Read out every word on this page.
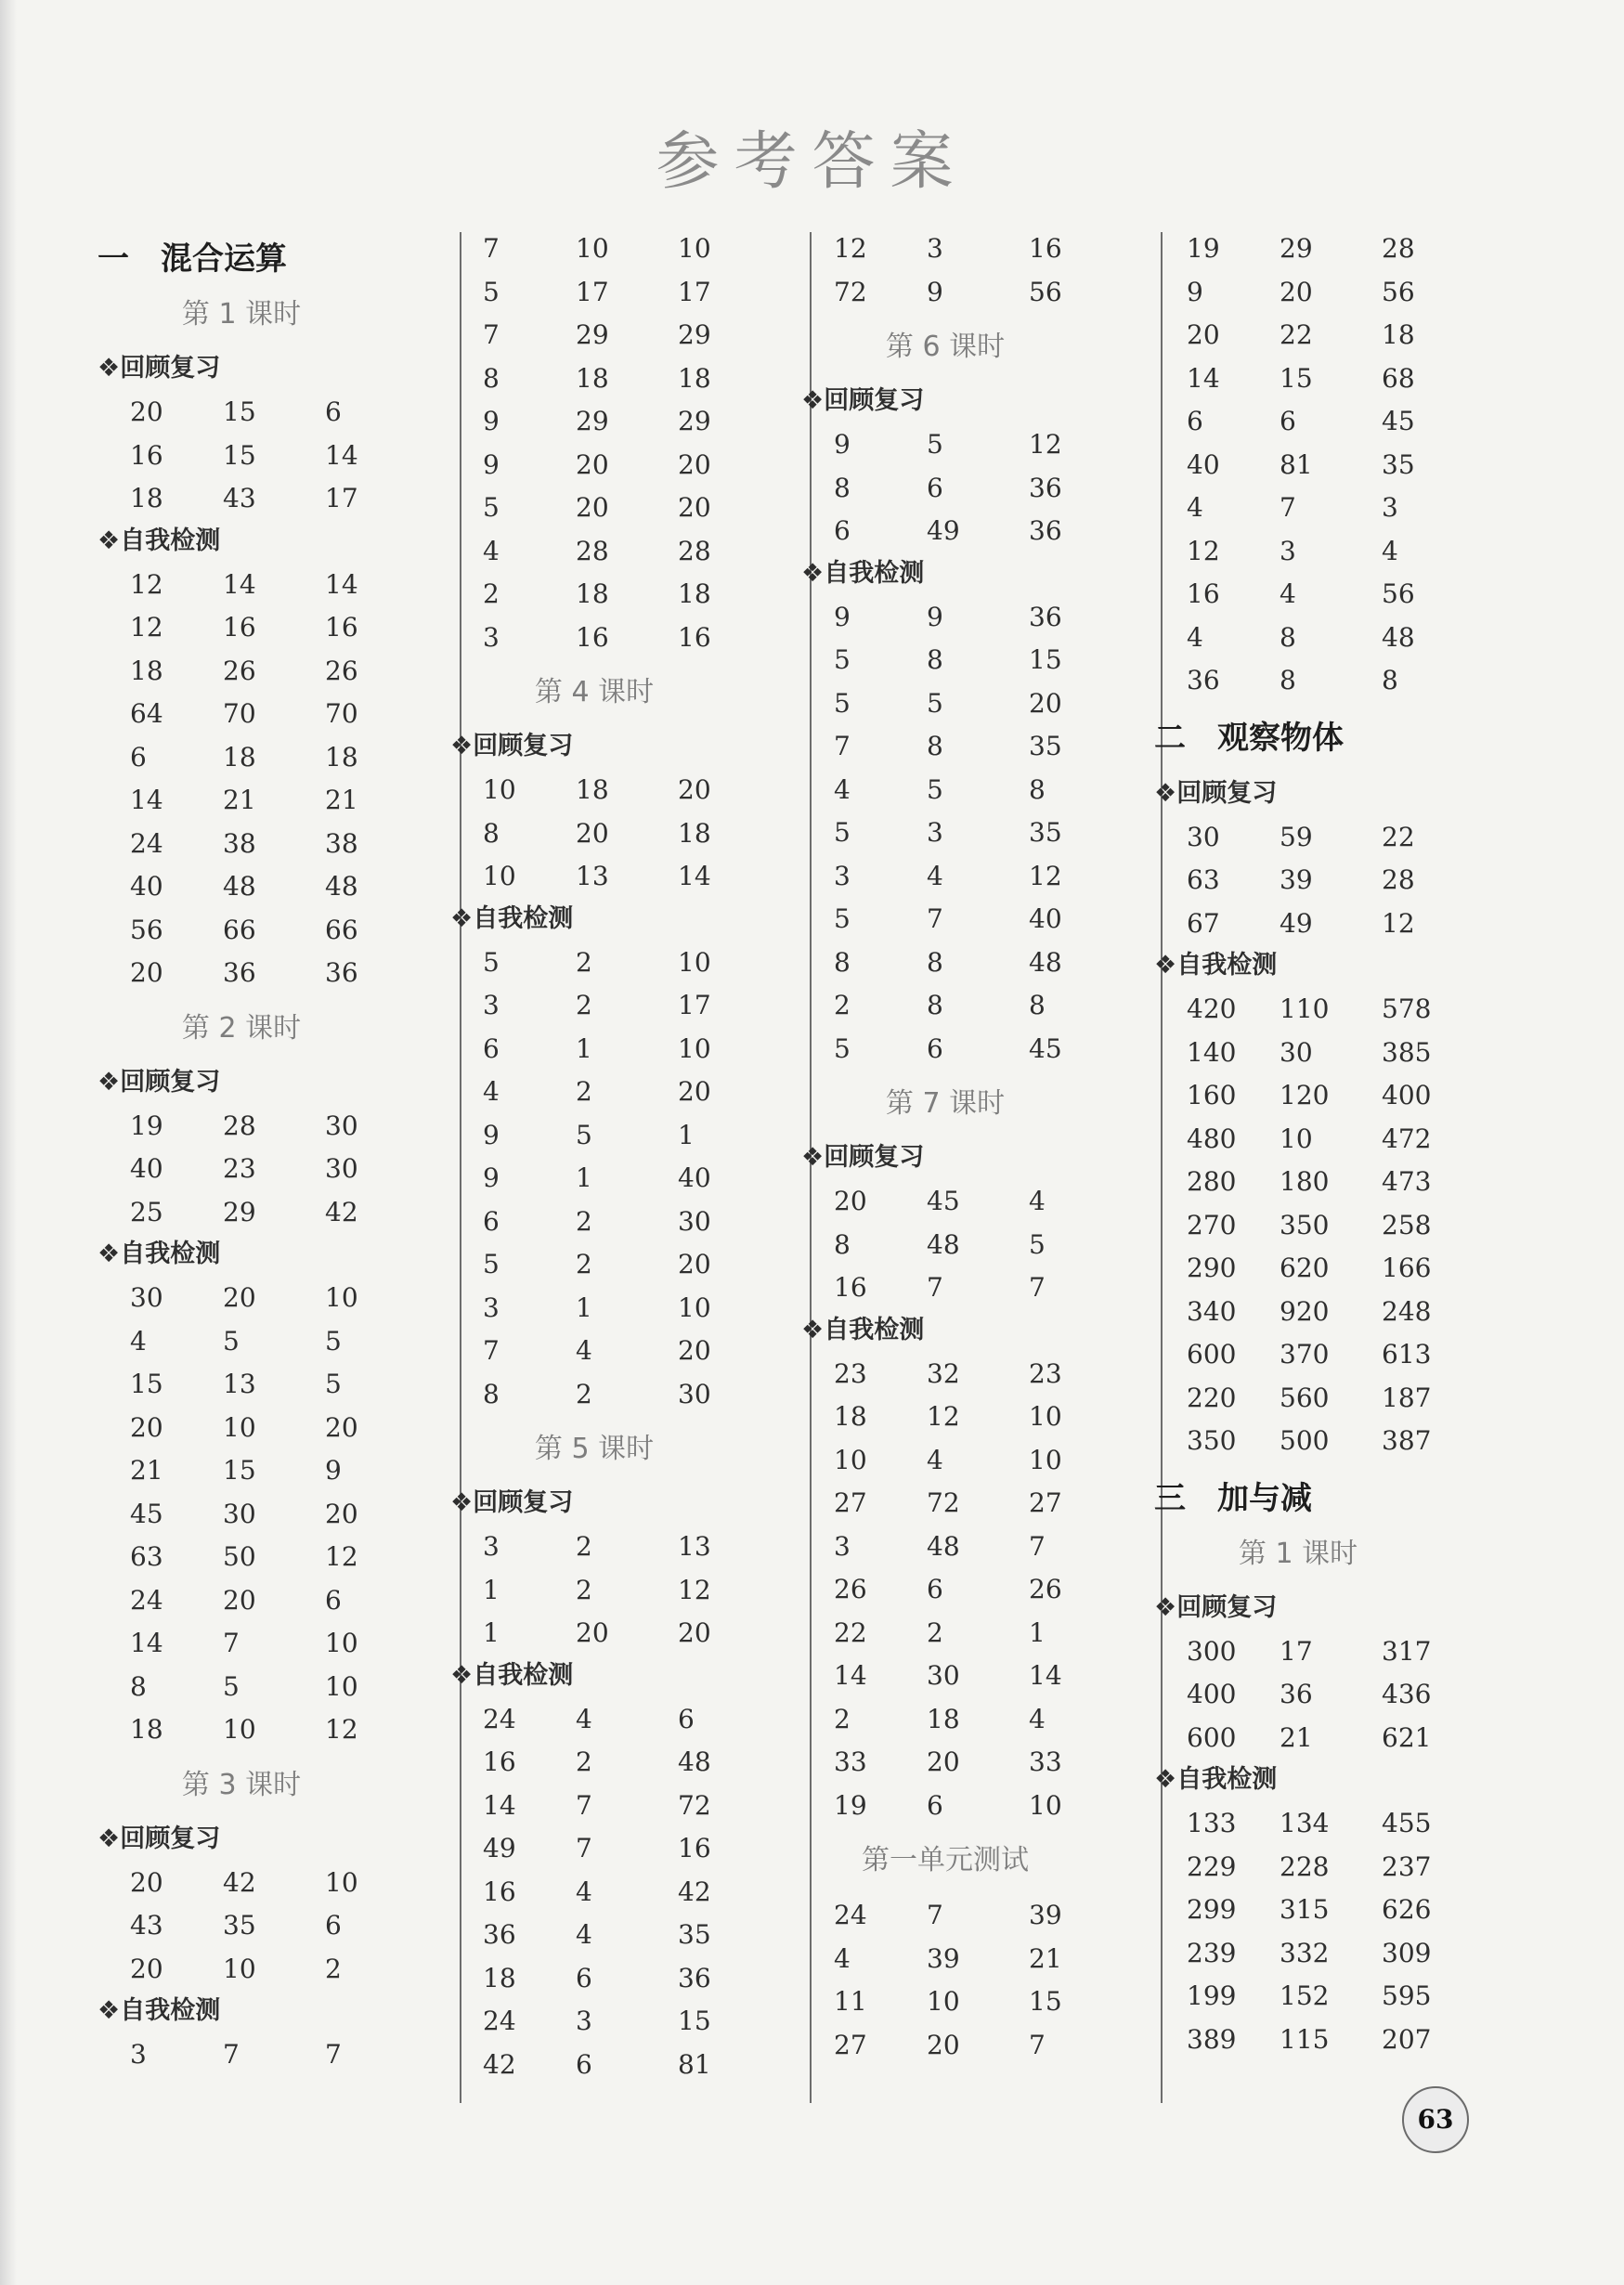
参考答案
一　混合运算
第 1 课时
❖回顾复习
20 15	6
16 15	14
18 43	17
❖自我检测
12 14	14
12 16	16
18 26	26
64 70	70
6	18	18
14 21	21
24 38	38
40 48	48
56 66	66
20 36	36
第 2 课时
❖回顾复习
19 28	30
40 23	30
25 29	42
❖自我检测
30 20	10
4	5	5
15 13	5
20 10	20
21 15	9
45 30	20
63 50	12
24 20	6
14 7	10
8	5	10
18 10	12
第 3 课时
❖回顾复习
20 42	10
43 35	6
20 10	2
❖自我检测
3	7	7
7	10	10
5	17	17
7	29	29
8	18	18
9	29	29
9	20	20
5	20	20
4	28	28
2	18	18
3	16	16
第 4 课时
❖回顾复习
10 18	20
8	20	18
10 13	14
❖自我检测
5	2	10
3	2	17
6	1	10
4	2	20
9	5	1
9	1	40
6	2	30
5	2	20
3	1	10
7	4	20
8	2	30
第 5 课时
❖回顾复习
3	2	13
1	2	12
1	20	20
❖自我检测
24 4	6
16 2	48
14 7	72
49 7	16
16 4	42
36 4	35
18 6	36
24 3	15
42 6	81
12 3	16
72 9	56
第 6 课时
❖回顾复习
9	5	12
8	6	36
6	49	36
❖自我检测
9	9	36
5	8	15
5	5	20
7	8	35
4	5	8
5	3	35
3	4	12
5	7	40
8	8	48
2	8	8
5	6	45
第 7 课时
❖回顾复习
20 45	4
8	48	5
16 7	7
❖自我检测
23 32	23
18 12	10
10 4	10
27 72	27
3	48	7
26 6	26
22 2	1
14 30	14
2	18	4
33 20	33
19 6	10
第一单元测试
24 7	39
4	39	21
11 10	15
27 20	7
19 29	28
9	20	56
20 22	18
14 15	68
6	6	45
40 81	35
4	7	3
12 3	4
16 4	56
4	8	48
36 8	8
二　观察物体
❖回顾复习
30 59	22
63 39	28
67 49	12
❖自我检测
420 110 578
140 30	385
160 120 400
480 10	472
280 180 473
270 350 258
290 620 166
340 920 248
600 370 613
220 560 187
350 500 387
三　加与减
第 1 课时
❖回顾复习
300 17	317
400 36	436
600 21	621
❖自我检测
133 134 455
229 228 237
299 315 626
239 332 309
199 152 595
389 115 207
63
